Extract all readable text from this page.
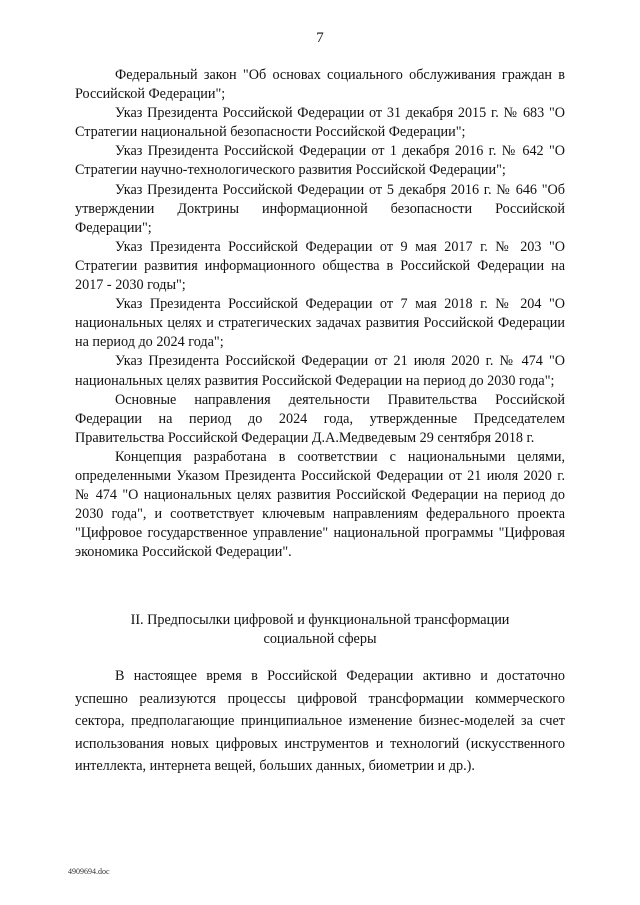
7

Федеральный закон "Об основах социального обслуживания граждан в Российской Федерации";

Указ Президента Российской Федерации от 31 декабря 2015 г. № 683 "О Стратегии национальной безопасности Российской Федерации";

Указ Президента Российской Федерации от 1 декабря 2016 г. № 642 "О Стратегии научно-технологического развития Российской Федерации";

Указ Президента Российской Федерации от 5 декабря 2016 г. № 646 "Об утверждении Доктрины информационной безопасности Российской Федерации";

Указ Президента Российской Федерации от 9 мая 2017 г. № 203 "О Стратегии развития информационного общества в Российской Федерации на 2017 - 2030 годы";

Указ Президента Российской Федерации от 7 мая 2018 г. № 204 "О национальных целях и стратегических задачах развития Российской Федерации на период до 2024 года";

Указ Президента Российской Федерации от 21 июля 2020 г. № 474 "О национальных целях развития Российской Федерации на период до 2030 года";

Основные направления деятельности Правительства Российской Федерации на период до 2024 года, утвержденные Председателем Правительства Российской Федерации Д.А.Медведевым 29 сентября 2018 г.

Концепция разработана в соответствии с национальными целями, определенными Указом Президента Российской Федерации от 21 июля 2020 г. № 474 "О национальных целях развития Российской Федерации на период до 2030 года", и соответствует ключевым направлениям федерального проекта "Цифровое государственное управление" национальной программы "Цифровая экономика Российской Федерации".

II. Предпосылки цифровой и функциональной трансформации
социальной сферы

В настоящее время в Российской Федерации активно и достаточно успешно реализуются процессы цифровой трансформации коммерческого сектора, предполагающие принципиальное изменение бизнес-моделей за счет использования новых цифровых инструментов и технологий (искусственного интеллекта, интернета вещей, больших данных, биометрии и др.).

4909694.doc
